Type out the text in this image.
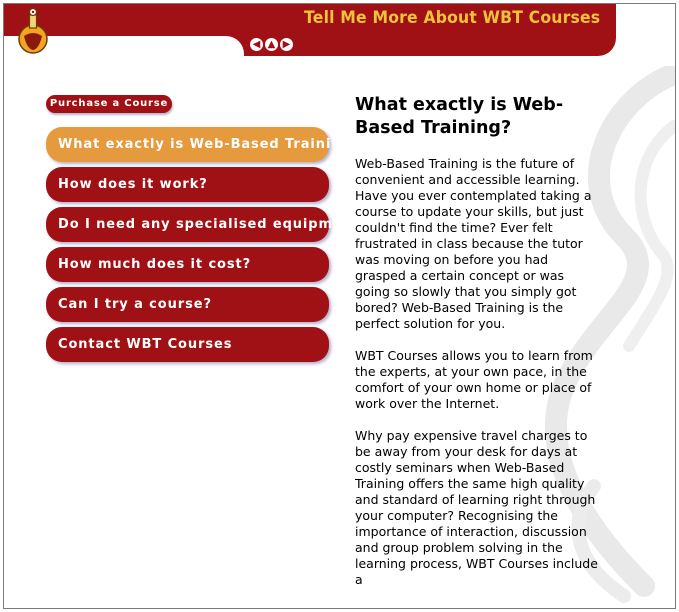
Tell Me More About WBT Courses
◀ ▲ ▶
Purchase a Course
What exactly is Web-Based Training?
How does it work?
Do I need any specialised equipment?
How much does it cost?
Can I try a course?
Contact WBT Courses
What exactly is Web-Based Training?

Web-Based Training is the future of convenient and accessible learning. Have you ever contemplated taking a course to update your skills, but just couldn't find the time? Ever felt frustrated in class because the tutor was moving on before you had grasped a certain concept or was going so slowly that you simply got bored? Web-Based Training is the perfect solution for you.

WBT Courses allows you to learn from the experts, at your own pace, in the comfort of your own home or place of work over the Internet.

Why pay expensive travel charges to be away from your desk for days at costly seminars when Web-Based Training offers the same high quality and standard of learning right through your computer? Recognising the importance of interaction, discussion and group problem solving in the learning process, WBT Courses include a
